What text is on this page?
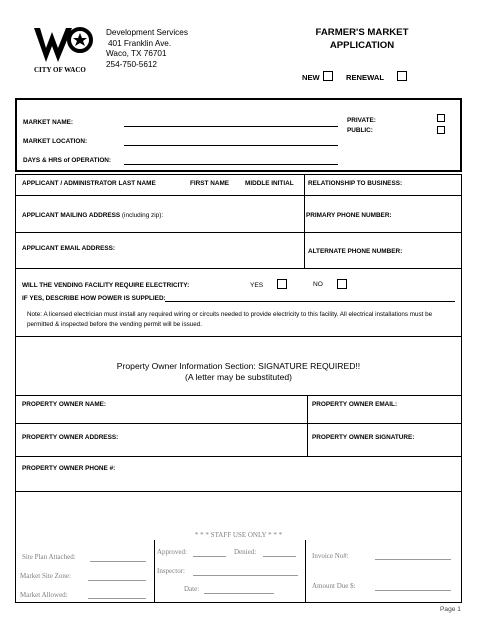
CITY OF WACO
Development Services
401 Franklin Ave.
Waco, TX 76701
254-750-5612
FARMER'S MARKET
APPLICATION
NEW	RENEWAL
MARKET NAME:
MARKET LOCATION:
DAYS & HRS of OPERATION:
PRIVATE:
PUBLIC:
APPLICANT / ADMINISTRATOR LAST NAME	FIRST NAME MIDDLE INITIAL RELATIONSHIP TO BUSINESS:
APPLICANT MAILING ADDRESS (including zip):	PRIMARY PHONE NUMBER:
APPLICANT EMAIL ADDRESS:	ALTERNATE PHONE NUMBER:
WILL THE VENDING FACILITY REQUIRE ELECTRICITY:	YES	NO
IF YES, DESCRIBE HOW POWER IS SUPPLIED:
Note: A licensed electrician must install any required wiring or circuits needed to provide electricity to this facility. All electrical installations must be permitted & inspected before the vending permit will be issued.
Property Owner Information Section: SIGNATURE REQUIRED!!
(A letter may be substituted)
PROPERTY OWNER NAME:	PROPERTY OWNER EMAIL:
PROPERTY OWNER ADDRESS:	PROPERTY OWNER SIGNATURE:
PROPERTY OWNER PHONE #:
* * * STAFF USE ONLY * * *
Site Plan Attached:
Market Site Zone:
Market Allowed:
Approved:	Denied:
Inspector:
Date:
Invoice No#:
Amount Due $:
Page 1
